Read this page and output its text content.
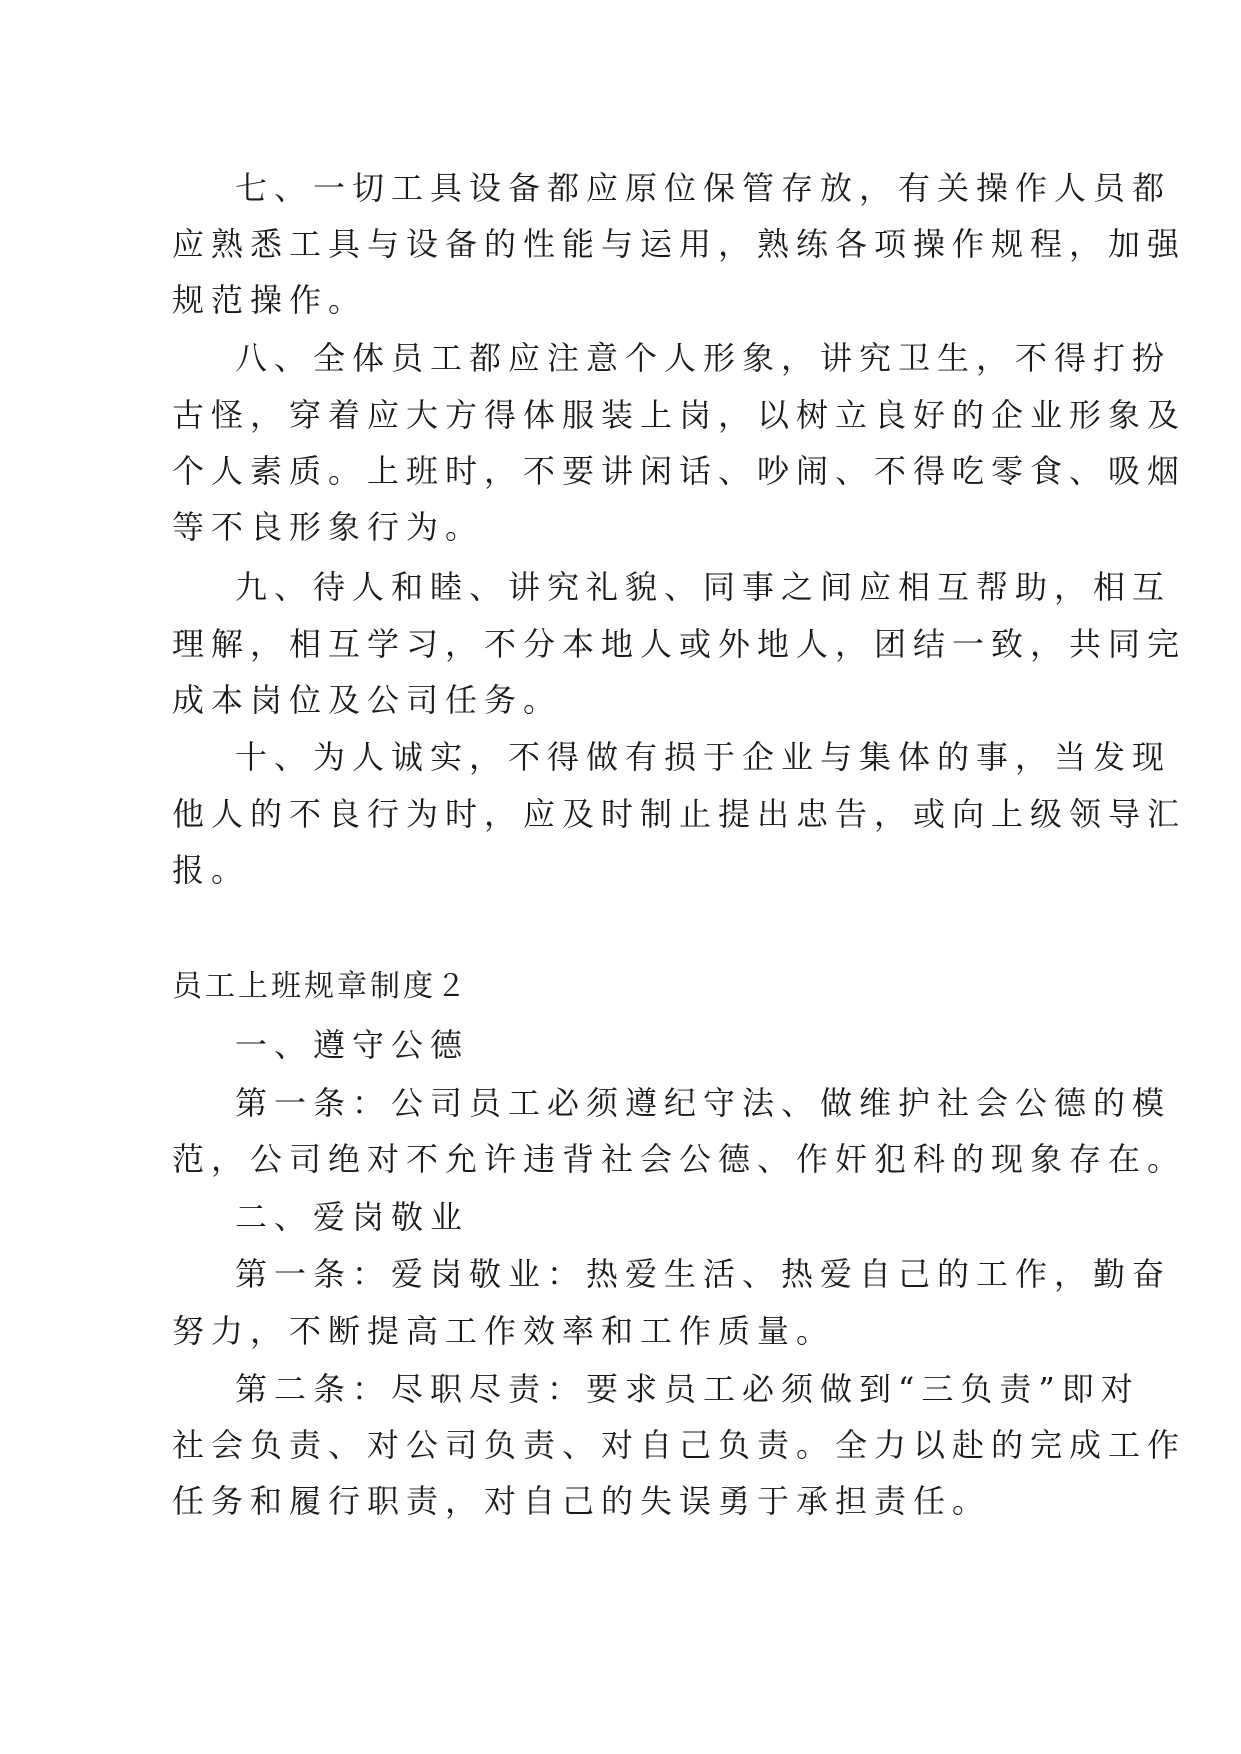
七、一切工具设备都应原位保管存放，有关操作人员都
应熟悉工具与设备的性能与运用，熟练各项操作规程，加强
规范操作。
八、全体员工都应注意个人形象，讲究卫生，不得打扮
古怪，穿着应大方得体服装上岗，以树立良好的企业形象及
个人素质。上班时，不要讲闲话、吵闹、不得吃零食、吸烟
等不良形象行为。
九、待人和睦、讲究礼貌、同事之间应相互帮助，相互
理解，相互学习，不分本地人或外地人，团结一致，共同完
成本岗位及公司任务。
十、为人诚实，不得做有损于企业与集体的事，当发现
他人的不良行为时，应及时制止提出忠告，或向上级领导汇
报。
员工上班规章制度２
一、遵守公德
第一条：公司员工必须遵纪守法、做维护社会公德的模
范，公司绝对不允许违背社会公德、作奸犯科的现象存在。
二、爱岗敬业
第一条：爱岗敬业：热爱生活、热爱自己的工作，勤奋
努力，不断提高工作效率和工作质量。
第二条：尽职尽责：要求员工必须做到“三负责”即对
社会负责、对公司负责、对自己负责。全力以赴的完成工作
任务和履行职责，对自己的失误勇于承担责任。
